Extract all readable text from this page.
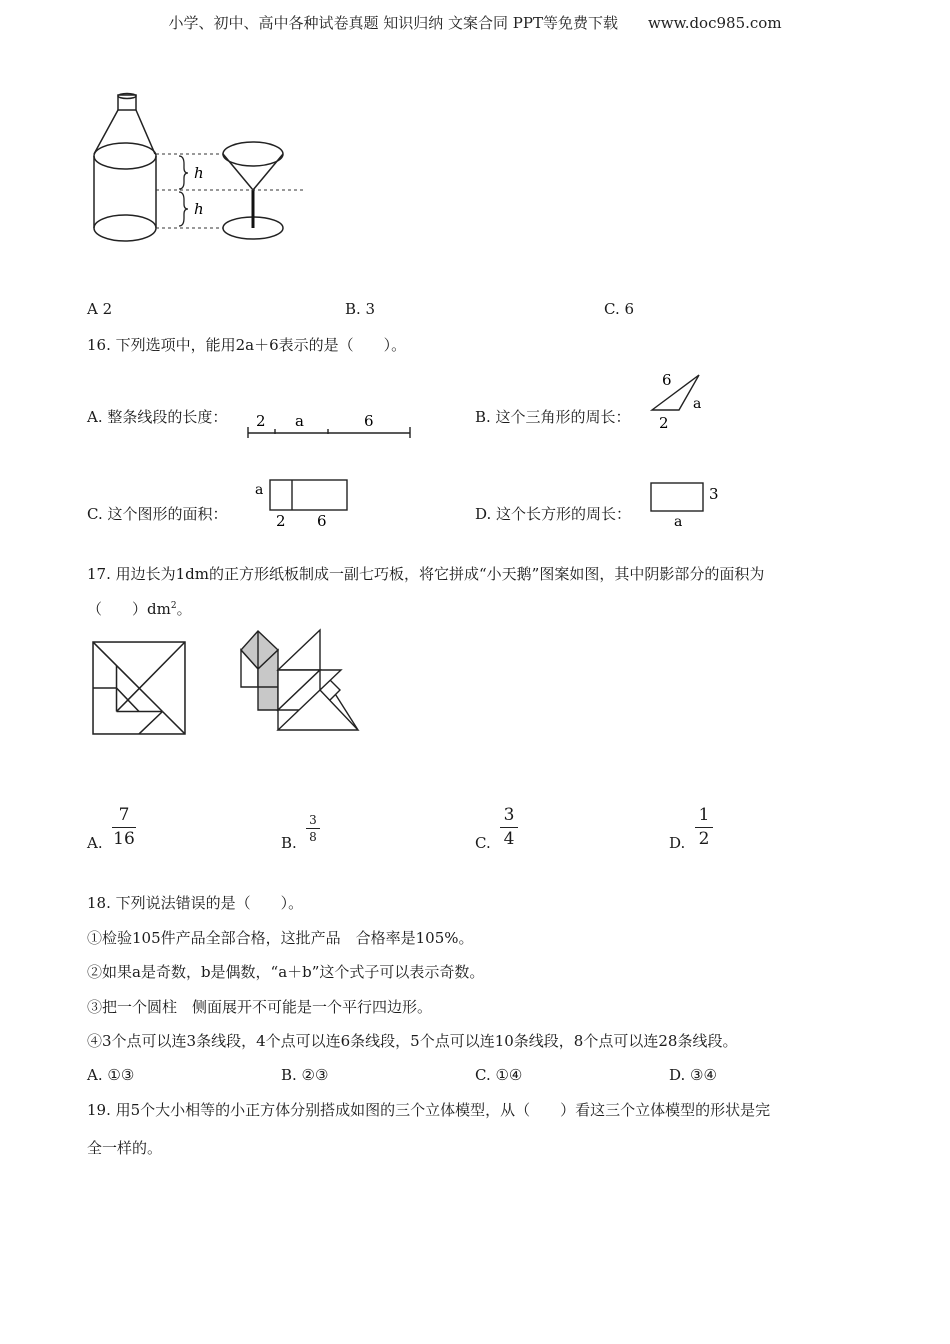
小学、初中、高中各种试卷真题 知识归纳 文案合同 PPT等免费下载　　www.doc985.com
h
h
A 2	B. 3	C. 6
16. 下列选项中，能用2a＋6表示的是（　　）。
A. 整条线段的长度： 2 a	6	B. 这个三角形的周长：
6
a
2
C. 这个图形的面积：
a
2 6	D. 这个长方形的周长：
3
a
17. 用边长为1dm的正方形纸板制成一副七巧板，将它拼成“小天鹅”图案如图，其中阴影部分的面积为
（　　）$dm^2$。
A.
7
16	B.
3
8	C.
3
4	D.
1
2
18. 下列说法错误的是（　　）。
①检验105件产品全部合格，这批产品　合格率是105%。
②如果a是奇数，b是偶数，“a＋b”这个式子可以表示奇数。
③把一个圆柱　侧面展开不可能是一个平行四边形。
④3个点可以连3条线段，4个点可以连6条线段，5个点可以连10条线段，8个点可以连28条线段。
A. ①③	B. ②③	C. ①④	D. ③④
19. 用5个大小相等的小正方体分别搭成如图的三个立体模型，从（　　）看这三个立体模型的形状是完
全一样的。
